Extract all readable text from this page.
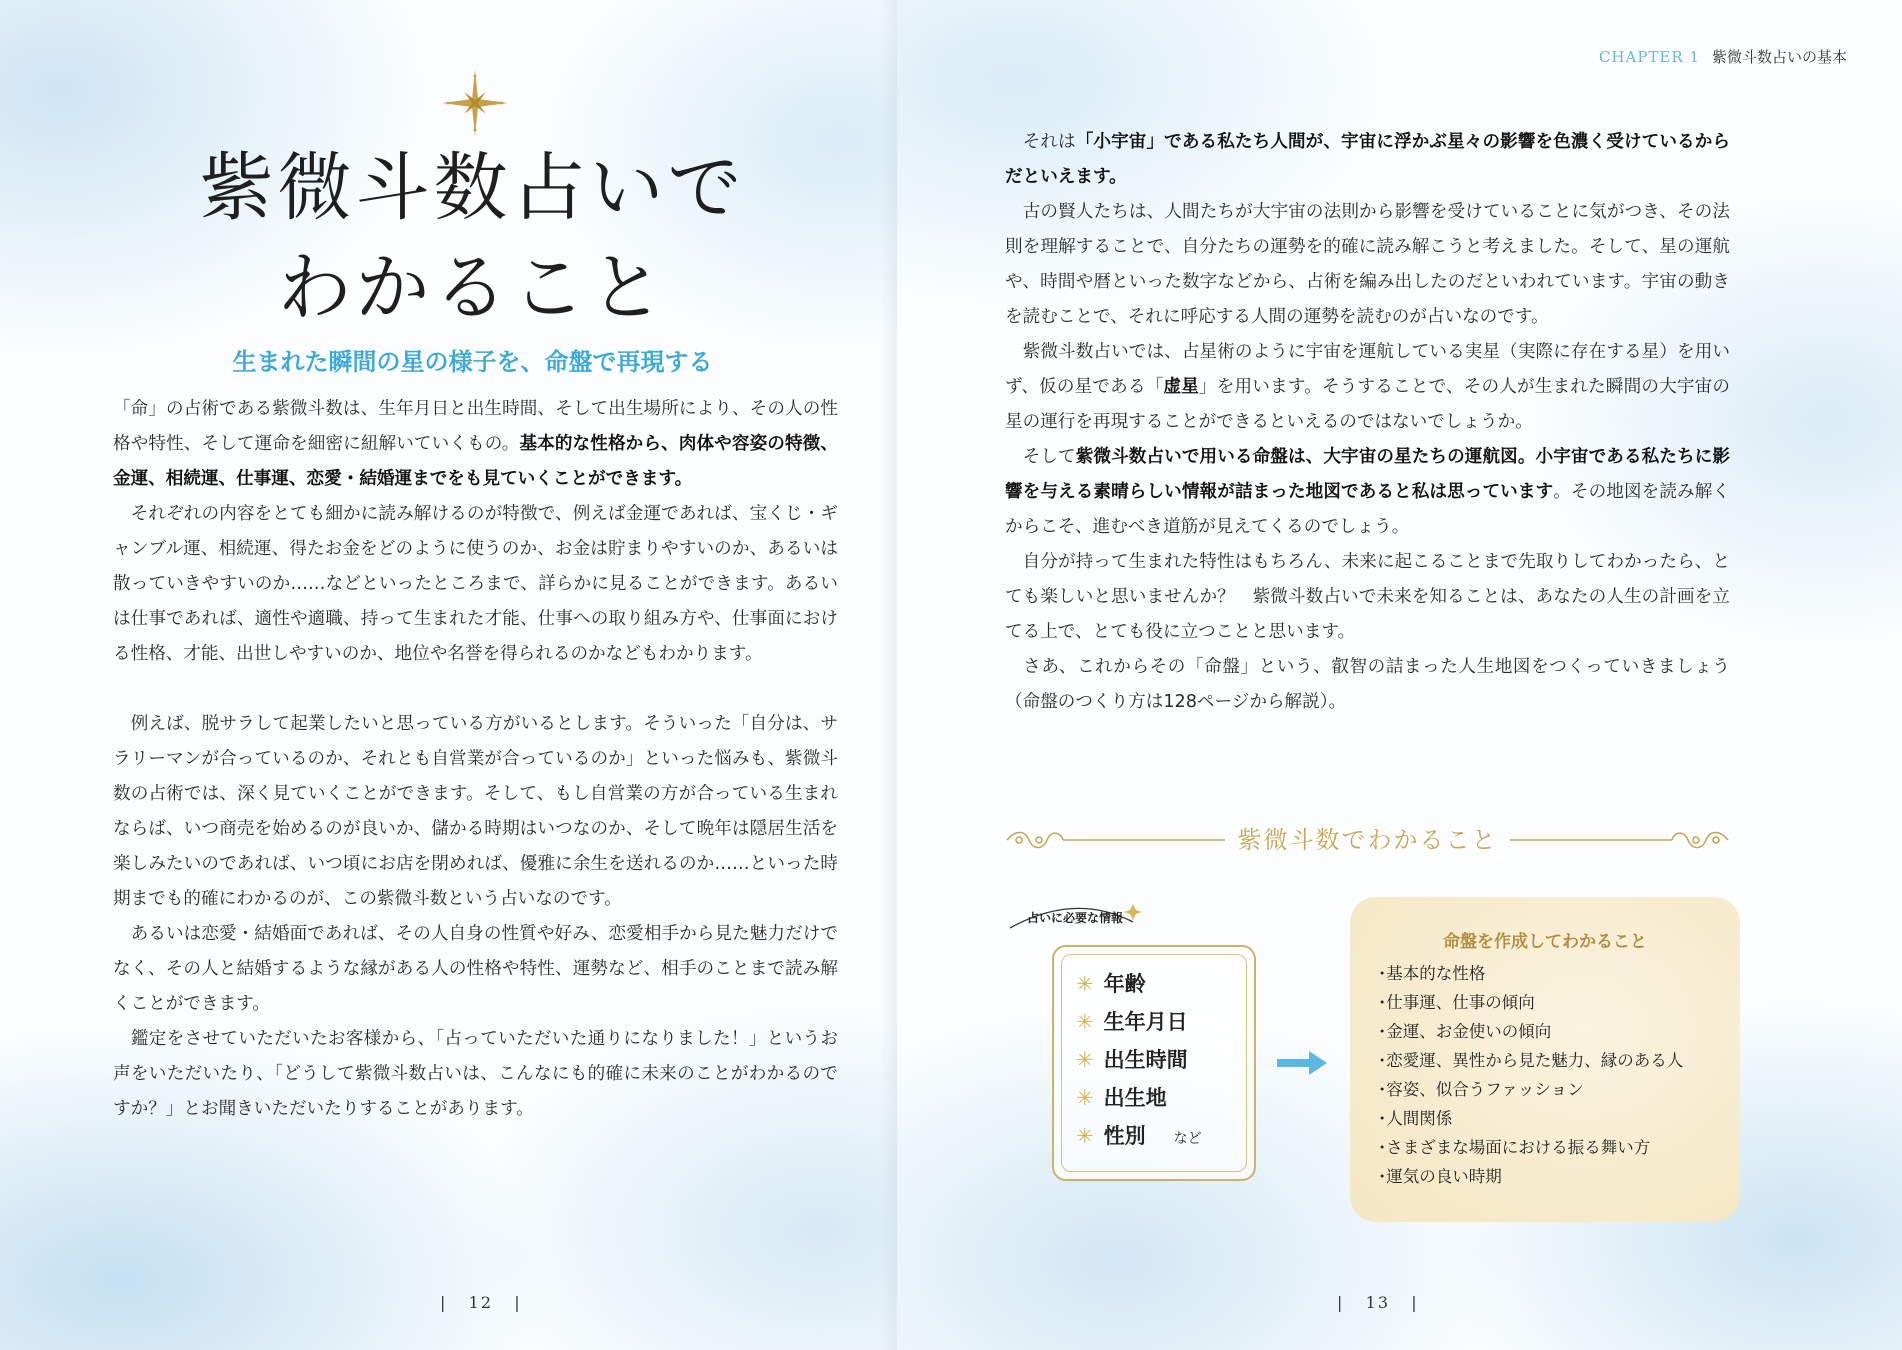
紫微斗数占いで
わかること
生まれた瞬間の星の様子を、命盤で再現する

「命」の占術である紫微斗数は、生年月日と出生時間、そして出生場所により、その人の性格や特性、そして運命を細密に紐解いていくもの。基本的な性格から、肉体や容姿の特徴、金運、相続運、仕事運、恋愛・結婚運までをも見ていくことができます。

　それぞれの内容をとても細かに読み解けるのが特徴で、例えば金運であれば、宝くじ・ギャンブル運、相続運、得たお金をどのように使うのか、お金は貯まりやすいのか、あるいは散っていきやすいのか……などといったところまで、詳らかに見ることができます。あるいは仕事であれば、適性や適職、持って生まれた才能、仕事への取り組み方や、仕事面における性格、才能、出世しやすいのか、地位や名誉を得られるのかなどもわかります。

　例えば、脱サラして起業したいと思っている方がいるとします。そういった「自分は、サラリーマンが合っているのか、それとも自営業が合っているのか」といった悩みも、紫微斗数の占術では、深く見ていくことができます。そして、もし自営業の方が合っている生まれならば、いつ商売を始めるのが良いか、儲かる時期はいつなのか、そして晩年は隠居生活を楽しみたいのであれば、いつ頃にお店を閉めれば、優雅に余生を送れるのか……といった時期までも的確にわかるのが、この紫微斗数という占いなのです。

　あるいは恋愛・結婚面であれば、その人自身の性質や好み、恋愛相手から見た魅力だけでなく、その人と結婚するような縁がある人の性格や特性、運勢など、相手のことまで読み解くことができます。

　鑑定をさせていただいたお客様から、「占っていただいた通りになりました！」というお声をいただいたり、「どうして紫微斗数占いは、こんなにも的確に未来のことがわかるのですか？」とお聞きいただいたりすることがあります。

|   12   |
CHAPTER 1 紫微斗数占いの基本

　それは「小宇宙」である私たち人間が、宇宙に浮かぶ星々の影響を色濃く受けているからだといえます。

　古の賢人たちは、人間たちが大宇宙の法則から影響を受けていることに気がつき、その法則を理解することで、自分たちの運勢を的確に読み解こうと考えました。そして、星の運航や、時間や暦といった数字などから、占術を編み出したのだといわれています。宇宙の動きを読むことで、それに呼応する人間の運勢を読むのが占いなのです。

　紫微斗数占いでは、占星術のように宇宙を運航している実星（実際に存在する星）を用いず、仮の星である「虚星」を用います。そうすることで、その人が生まれた瞬間の大宇宙の星の運行を再現することができるといえるのではないでしょうか。

　そして紫微斗数占いで用いる命盤は、大宇宙の星たちの運航図。小宇宙である私たちに影響を与える素晴らしい情報が詰まった地図であると私は思っています。その地図を読み解くからこそ、進むべき道筋が見えてくるのでしょう。

　自分が持って生まれた特性はもちろん、未来に起こることまで先取りしてわかったら、とても楽しいと思いませんか？　紫微斗数占いで未来を知ることは、あなたの人生の計画を立てる上で、とても役に立つことと思います。

　さあ、これからその「命盤」という、叡智の詰まった人生地図をつくっていきましょう（命盤のつくり方は128ページから解説）。

紫微斗数でわかること
占いに必要な情報
✳ 年齢
✳ 生年月日
✳ 出生時間
✳ 出生地
✳ 性別 など
命盤を作成してわかること
･基本的な性格
･仕事運、仕事の傾向
･金運、お金使いの傾向
･恋愛運、異性から見た魅力、縁のある人
･容姿、似合うファッション
･人間関係
･さまざまな場面における振る舞い方
･運気の良い時期
|   13   |
